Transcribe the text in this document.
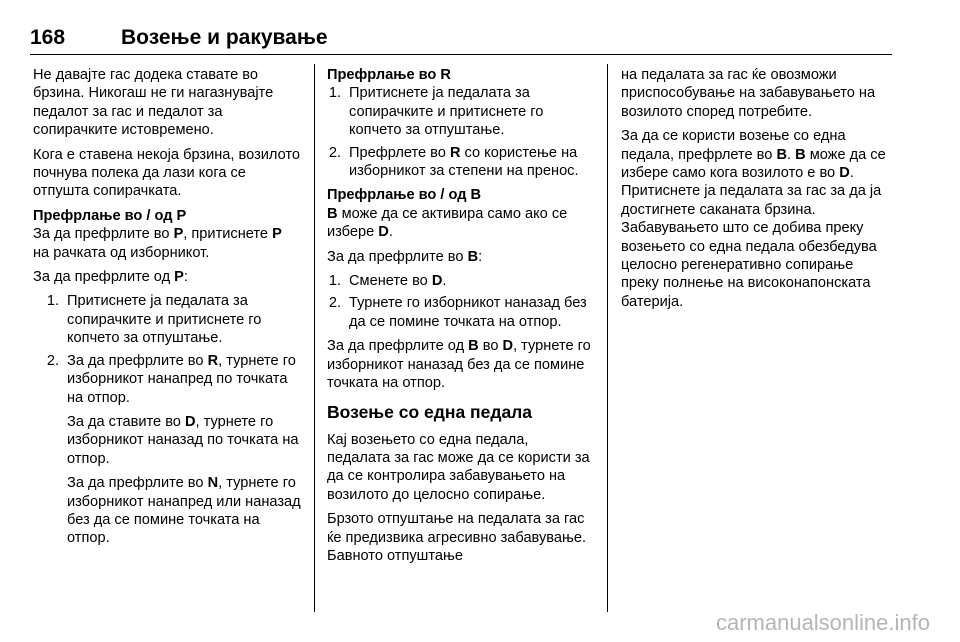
168	Возење и ракување

Не давајте гас додека ставате во брзина. Никогаш не ги нагазнувајте педалот за гас и педалот за сопирачките истовремено.

Кога е ставена некоја брзина, возилото почнува полека да лази кога се отпушта сопирачката.

Префрлање во / од P

За да префрлите во P, притиснете P на рачката од изборникот.

За да префрлите од P:

1. Притиснете ја педалата за сопирачките и притиснете го копчето за отпуштање.
2. За да префрлите во R, турнете го изборникот нанапред по точката на отпор.
За да ставите во D, турнете го изборникот наназад по точката на отпор.
За да префрлите во N, турнете го изборникот нанапред или наназад без да се помине точката на отпор.
Префрлање во R
1. Притиснете ја педалата за сопирачките и притиснете го копчето за отпуштање.
2. Префрлете во R со користење на изборникот за степени на пренос.
Префрлање во / од B

B може да се активира само ако се избере D.

За да префрлите во B:

1. Сменете во D.
2. Турнете го изборникот наназад без да се помине точката на отпор.

За да префрлите од B во D, турнете го изборникот наназад без да се помине точката на отпор.

Возење со една педала

Кај возењето со една педала, педалата за гас може да се користи за да се контролира забавувањето на возилото до целосно сопирање.

Брзото отпуштање на педалата за гас ќе предизвика агресивно забавување. Бавното отпуштање

на педалата за гас ќе овозможи приспособување на забавувањето на возилото според потребите.

За да се користи возење со една педала, префрлете во B. B може да се избере само кога возилото е во D. Притиснете ја педалата за гас за да ја достигнете саканата брзина. Забавувањето што се добива преку возењето со една педала обезбедува целосно регенеративно сопирање преку полнење на високонапонската батерија.

carmanualsonline.info
